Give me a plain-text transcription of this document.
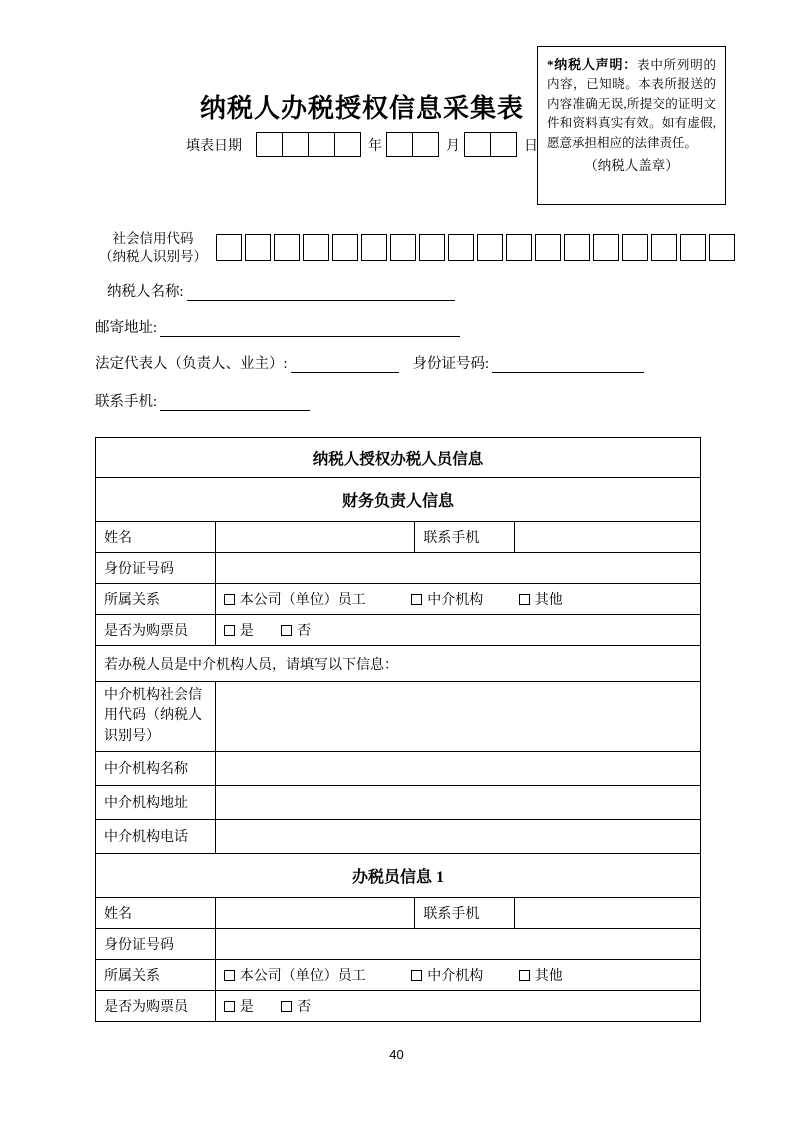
纳税人办税授权信息采集表
填表日期	年	月	日
*纳税人声明：表中所列明的内容，已知晓。本表所报送的内容准确无误,所提交的证明文件和资料真实有效。如有虚假,愿意承担相应的法律责任。
（纳税人盖章）
社会信用代码
（纳税人识别号）
纳税人名称:
邮寄地址:
法定代表人（负责人、业主）:	身份证号码:
联系手机:
纳税人授权办税人员信息			
财务负责人信息			
姓名		联系手机	
身份证号码			
所属关系	本公司（单位）员工 中介机构 其他		
是否为购票员	是 否		
若办税人员是中介机构人员，请填写以下信息：			
中介机构社会信用代码（纳税人识别号）			
中介机构名称			
中介机构地址			
中介机构电话			
办税员信息 1			
姓名		联系手机	
身份证号码			
所属关系	本公司（单位）员工 中介机构 其他		
是否为购票员	是 否		
40
